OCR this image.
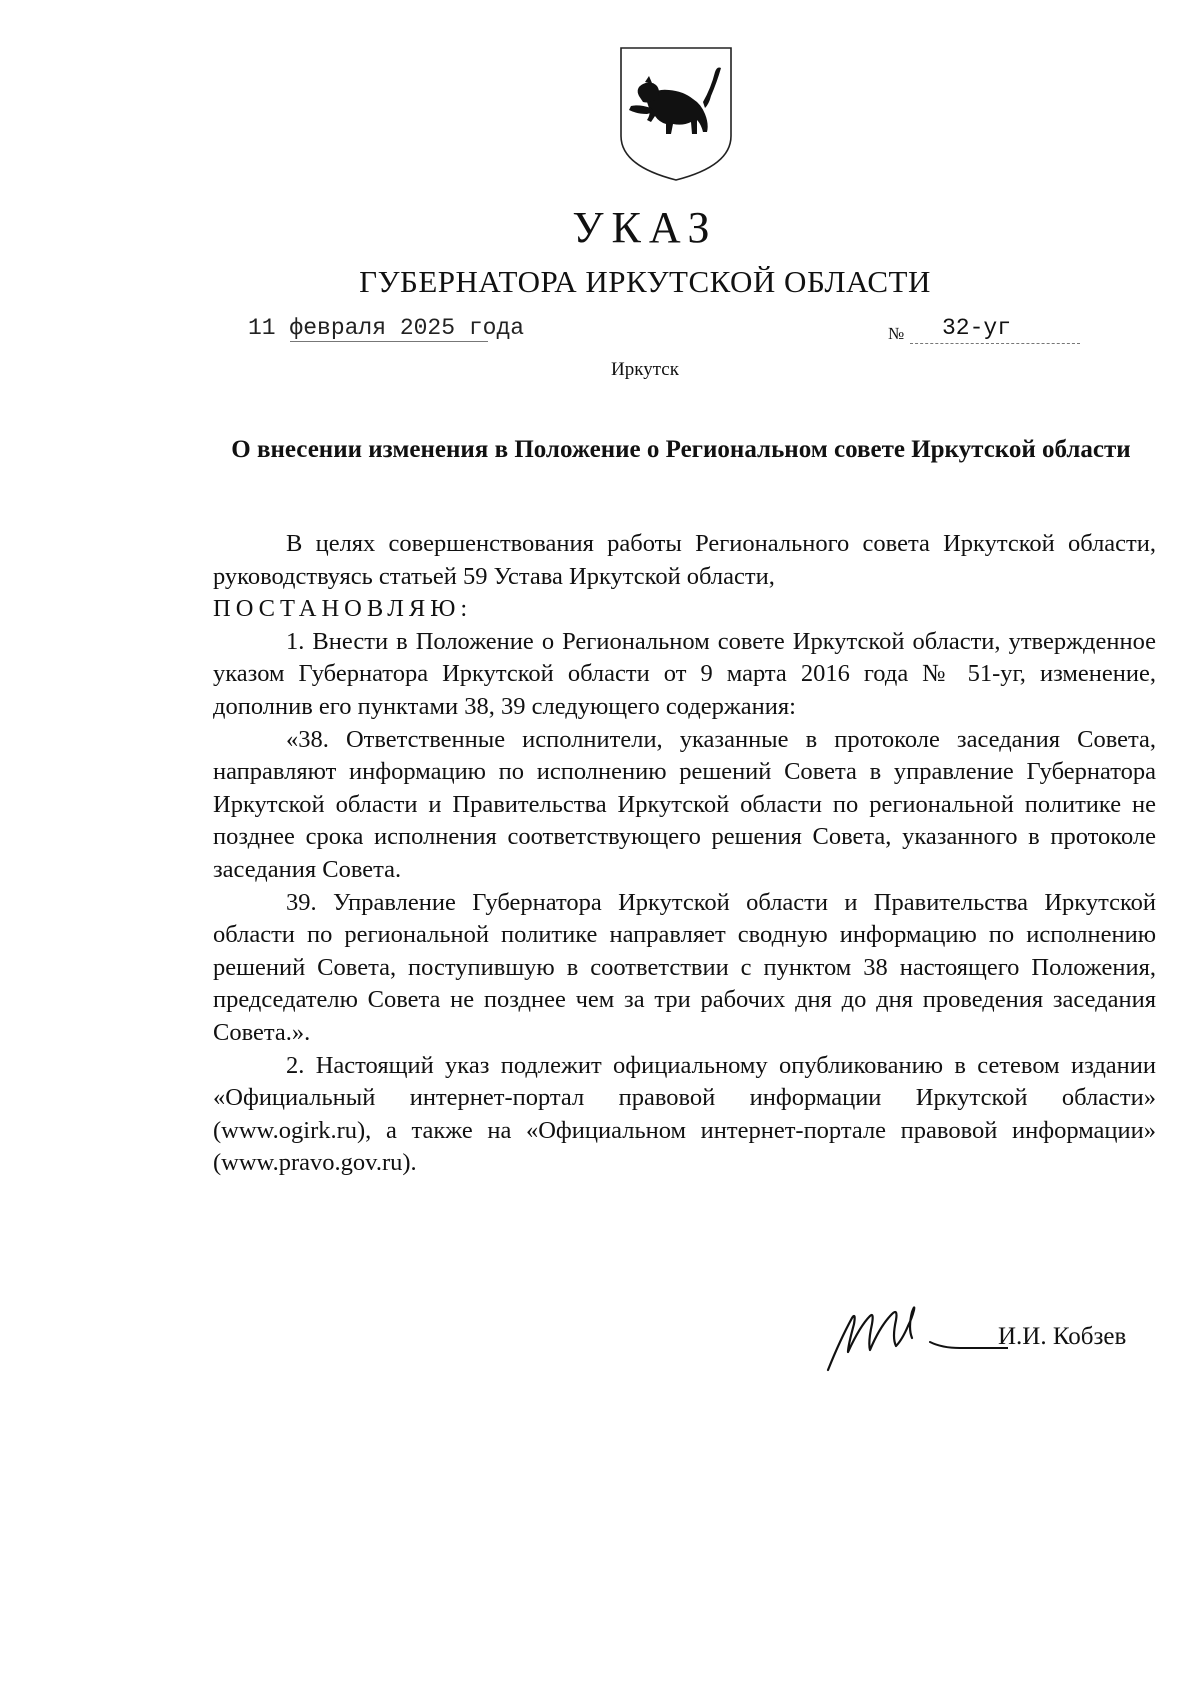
УКАЗ
ГУБЕРНАТОРА ИРКУТСКОЙ ОБЛАСТИ
11 февраля 2025 года	№ 32-уг
Иркутск
О внесении изменения в Положение о Региональном совете Иркутской области

В целях совершенствования работы Регионального совета Иркутской области, руководствуясь статьей 59 Устава Иркутской области,

ПОСТАНОВЛЯЮ:

1. Внести в Положение о Региональном совете Иркутской области, утвержденное указом Губернатора Иркутской области от 9 марта 2016 года № 51-уг, изменение, дополнив его пунктами 38, 39 следующего содержания:

«38. Ответственные исполнители, указанные в протоколе заседания Совета, направляют информацию по исполнению решений Совета в управление Губернатора Иркутской области и Правительства Иркутской области по региональной политике не позднее срока исполнения соответствующего решения Совета, указанного в протоколе заседания Совета.

39. Управление Губернатора Иркутской области и Правительства Иркутской области по региональной политике направляет сводную информацию по исполнению решений Совета, поступившую в соответствии с пунктом 38 настоящего Положения, председателю Совета не позднее чем за три рабочих дня до дня проведения заседания Совета.».

2. Настоящий указ подлежит официальному опубликованию в сетевом издании «Официальный интернет-портал правовой информации Иркутской области» (www.ogirk.ru), а также на «Официальном интернет-портале правовой информации» (www.pravo.gov.ru).

И.И. Кобзев
